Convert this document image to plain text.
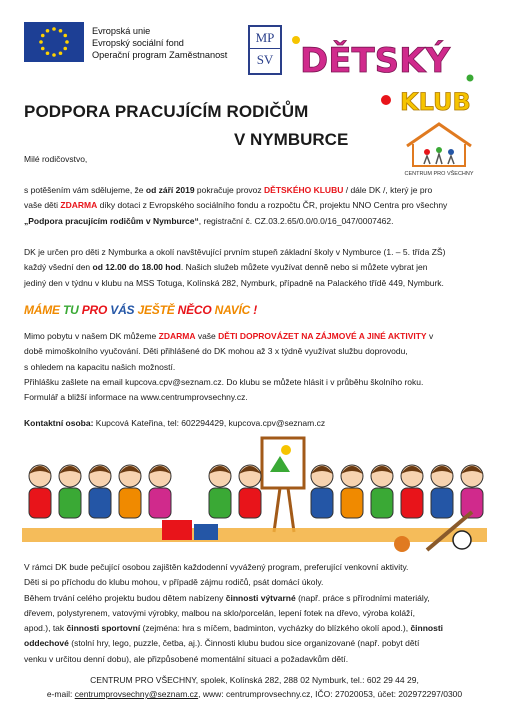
Evropská unie
Evropský sociální fond
Operační program Zaměstnanost
MP
SV DĚTSKÝ
KLUB
PODPORA PRACUJÍCÍM RODIČŮM
V NYMBURCE
CENTRUM PRO VŠECHNY
Milé rodičovstvo,
s potěšením vám sdělujeme, že od září 2019 pokračuje provoz DĚTSKÉHO KLUBU / dále DK /, který je pro
vaše děti ZDARMA díky dotaci z Evropského sociálního fondu a rozpočtu ČR, projektu NNO Centra pro všechny
„Podpora pracujícím rodičům v Nymburce“, registrační č. CZ.03.2.65/0.0/0.0/16_047/0007462.
DK je určen pro děti z Nymburka a okolí navštěvující prvním stupeň základní školy v Nymburce (1. – 5. třída ZŠ)
každý všední den od 12.00 do 18.00 hod. Našich služeb můžete využívat denně nebo si můžete vybrat jen
jediný den v týdnu v klubu na MSS Totuga, Kolínská 282, Nymburk, případně na Palackého třídě 449, Nymburk.
MÁME TU PRO VÁS JEŠTĚ NĚCO NAVÍC !
Mimo pobytu v našem DK můžeme ZDARMA vaše DĚTI DOPROVÁZET NA ZÁJMOVÉ A JINÉ AKTIVITY v
době mimoškolního vyučování. Děti přihlášené do DK mohou až 3 x týdně využívat službu doprovodu,
s ohledem na kapacitu našich možností.
Přihlášku zašlete na email kupcova.cpv@seznam.cz. Do klubu se můžete hlásit i v průběhu školního roku.
Formulář a bližší informace na www.centrumprovsechny.cz.
Kontaktní osoba: Kupcová Kateřina, tel: 602294429, kupcova.cpv@seznam.cz
V rámci DK bude pečující osobou zajištěn každodenní vyvážený program, preferující venkovní aktivity.
Děti si po příchodu do klubu mohou, v případě zájmu rodičů, psát domácí úkoly.
Během trvání celého projektu budou dětem nabízeny činnosti výtvarné (např. práce s přírodními materiály,
dřevem, polystyrenem, vatovými výrobky, malbou na sklo/porcelán, lepení fotek na dřevo, výroba koláží,
apod.), tak činnosti sportovní (zejména: hra s míčem, badminton, vycházky do blízkého okolí apod.), činnosti
oddechové (stolní hry, lego, puzzle, četba, aj.). Činnosti klubu budou sice organizované (např. pobyt dětí
venku v určitou denní dobu), ale přizpůsobené momentální situaci a požadavkům dětí.
CENTRUM PRO VŠECHNY, spolek, Kolínská 282, 288 02 Nymburk, tel.: 602 29 44 29,
e-mail: centrumprovsechny@seznam.cz, www: centrumprovsechny.cz, IČO: 27020053, účet: 202972297/0300
